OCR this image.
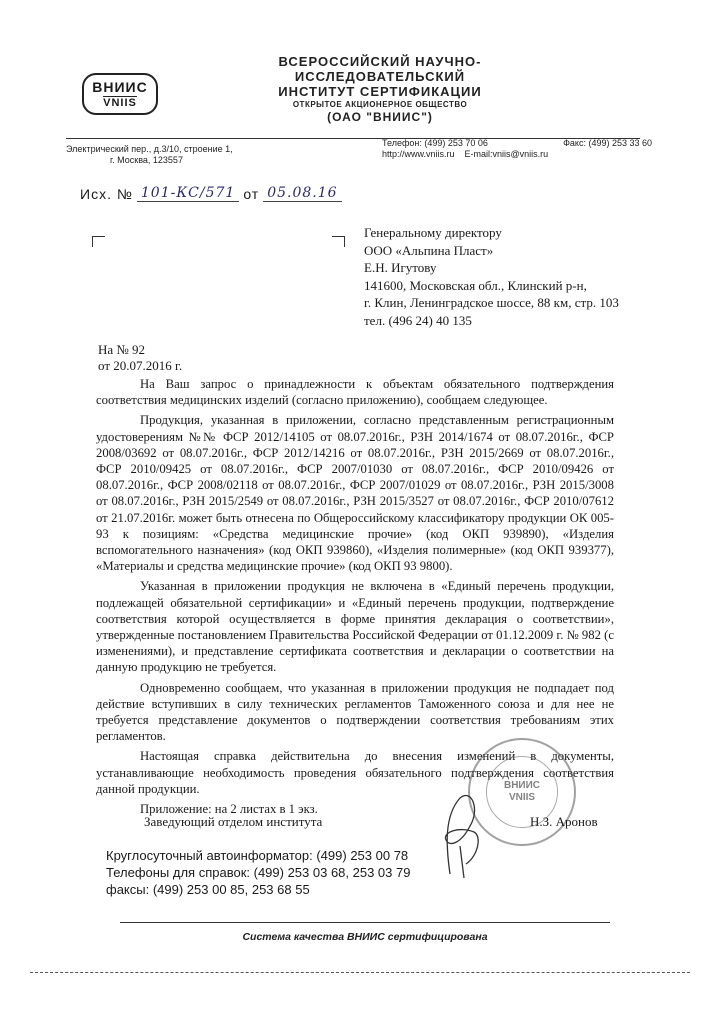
ВНИИС
VNIIS
ВСЕРОССИЙСКИЙ НАУЧНО-ИССЛЕДОВАТЕЛЬСКИЙ
ИНСТИТУТ СЕРТИФИКАЦИИ
ОТКРЫТОЕ АКЦИОНЕРНОЕ ОБЩЕСТВО
(ОАО "ВНИИС")
Электрический пер., д.3/10, строение 1,
г. Москва, 123557
Телефон: (499) 253 70 06	Факс: (499) 253 33 60
http://www.vniis.ru E-mail:vniis@vniis.ru
Исх. № 101-КС/571 от 05.08.16
Генеральному директору
ООО «Альпина Пласт»
Е.Н. Игутову
141600, Московская обл., Клинский р-н,
г. Клин, Ленинградское шоссе, 88 км, стр. 103
тел. (496 24) 40 135
На № 92
от 20.07.2016 г.

На Ваш запрос о принадлежности к объектам обязательного подтверждения соответствия медицинских изделий (согласно приложению), сообщаем следующее.

Продукция, указанная в приложении, согласно представленным регистрационным удостоверениям №№ ФСР 2012/14105 от 08.07.2016г., РЗН 2014/1674 от 08.07.2016г., ФСР 2008/03692 от 08.07.2016г., ФСР 2012/14216 от 08.07.2016г., РЗН 2015/2669 от 08.07.2016г., ФСР 2010/09425 от 08.07.2016г., ФСР 2007/01030 от 08.07.2016г., ФСР 2010/09426 от 08.07.2016г., ФСР 2008/02118 от 08.07.2016г., ФСР 2007/01029 от 08.07.2016г., РЗН 2015/3008 от 08.07.2016г., РЗН 2015/2549 от 08.07.2016г., РЗН 2015/3527 от 08.07.2016г., ФСР 2010/07612 от 21.07.2016г. может быть отнесена по Общероссийскому классификатору продукции ОК 005-93 к позициям: «Средства медицинские прочие» (код ОКП 939890), «Изделия вспомогательного назначения» (код ОКП 939860), «Изделия полимерные» (код ОКП 939377), «Материалы и средства медицинские прочие» (код ОКП 93 9800).

Указанная в приложении продукция не включена в «Единый перечень продукции, подлежащей обязательной сертификации» и «Единый перечень продукции, подтверждение соответствия которой осуществляется в форме принятия декларация о соответствии», утвержденные постановлением Правительства Российской Федерации от 01.12.2009 г. № 982 (с изменениями), и представление сертификата соответствия и декларации о соответствии на данную продукцию не требуется.

Одновременно сообщаем, что указанная в приложении продукция не подпадает под действие вступивших в силу технических регламентов Таможенного союза и для нее не требуется представление документов о подтверждении соответствия требованиям этих регламентов.

Настоящая справка действительна до внесения изменений в документы, устанавливающие необходимость проведения обязательного подтверждения соответствия данной продукции.

Приложение: на 2 листах в 1 экз.

ВНИИС
VNIIS
Заведующий отделом института	Н.З. Аронов
Круглосуточный автоинформатор: (499) 253 00 78
Телефоны для справок: (499) 253 03 68, 253 03 79
факсы: (499) 253 00 85, 253 68 55
Система качества ВНИИС сертифицирована
